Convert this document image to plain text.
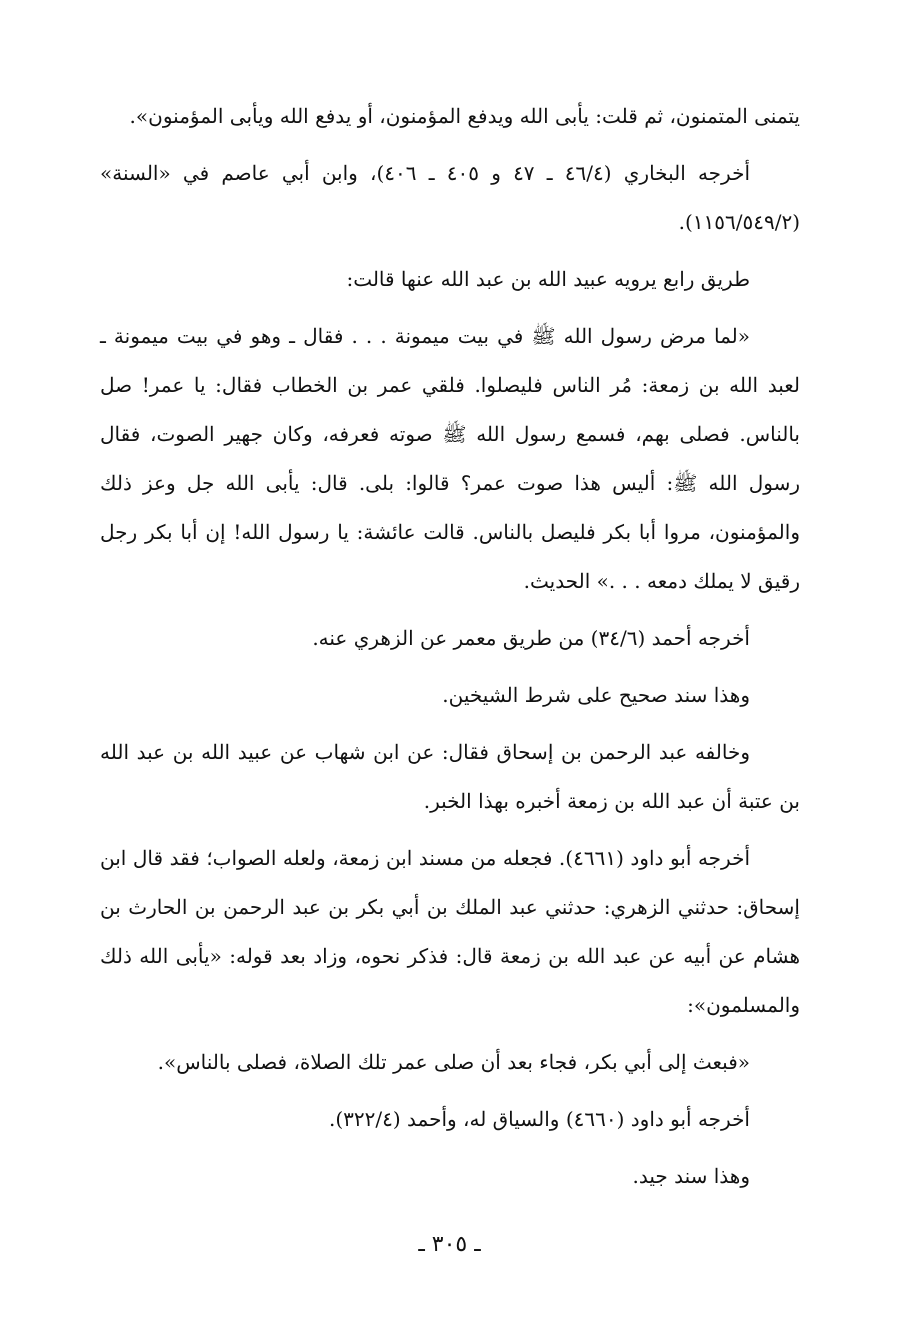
يتمنى المتمنون، ثم قلت: يأبى الله ويدفع المؤمنون، أو يدفع الله ويأبى المؤمنون».

أخرجه البخاري (٤٦/٤ ـ ٤٧ و ٤٠٥ ـ ٤٠٦)، وابن أبي عاصم في «السنة» (١١٥٦/٥٤٩/٢).

طريق رابع يرويه عبيد الله بن عبد الله عنها قالت:

«لما مرض رسول الله ﷺ في بيت ميمونة . . . فقال ـ وهو في بيت ميمونة ـ لعبد الله بن زمعة: مُر الناس فليصلوا. فلقي عمر بن الخطاب فقال: يا عمر! صل بالناس. فصلى بهم، فسمع رسول الله ﷺ صوته فعرفه، وكان جهير الصوت، فقال رسول الله ﷺ: أليس هذا صوت عمر؟ قالوا: بلى. قال: يأبى الله جل وعز ذلك والمؤمنون، مروا أبا بكر فليصل بالناس. قالت عائشة: يا رسول الله! إن أبا بكر رجل رقيق لا يملك دمعه . . .» الحديث.

أخرجه أحمد (٣٤/٦) من طريق معمر عن الزهري عنه.

وهذا سند صحيح على شرط الشيخين.

وخالفه عبد الرحمن بن إسحاق فقال: عن ابن شهاب عن عبيد الله بن عبد الله بن عتبة أن عبد الله بن زمعة أخبره بهذا الخبر.

أخرجه أبو داود (٤٦٦١). فجعله من مسند ابن زمعة، ولعله الصواب؛ فقد قال ابن إسحاق: حدثني الزهري: حدثني عبد الملك بن أبي بكر بن عبد الرحمن بن الحارث بن هشام عن أبيه عن عبد الله بن زمعة قال: فذكر نحوه، وزاد بعد قوله: «يأبى الله ذلك والمسلمون»:

«فبعث إلى أبي بكر، فجاء بعد أن صلى عمر تلك الصلاة، فصلى بالناس».

أخرجه أبو داود (٤٦٦٠) والسياق له، وأحمد (٣٢٢/٤).

وهذا سند جيد.

ـ ٣٠٥ ـ
